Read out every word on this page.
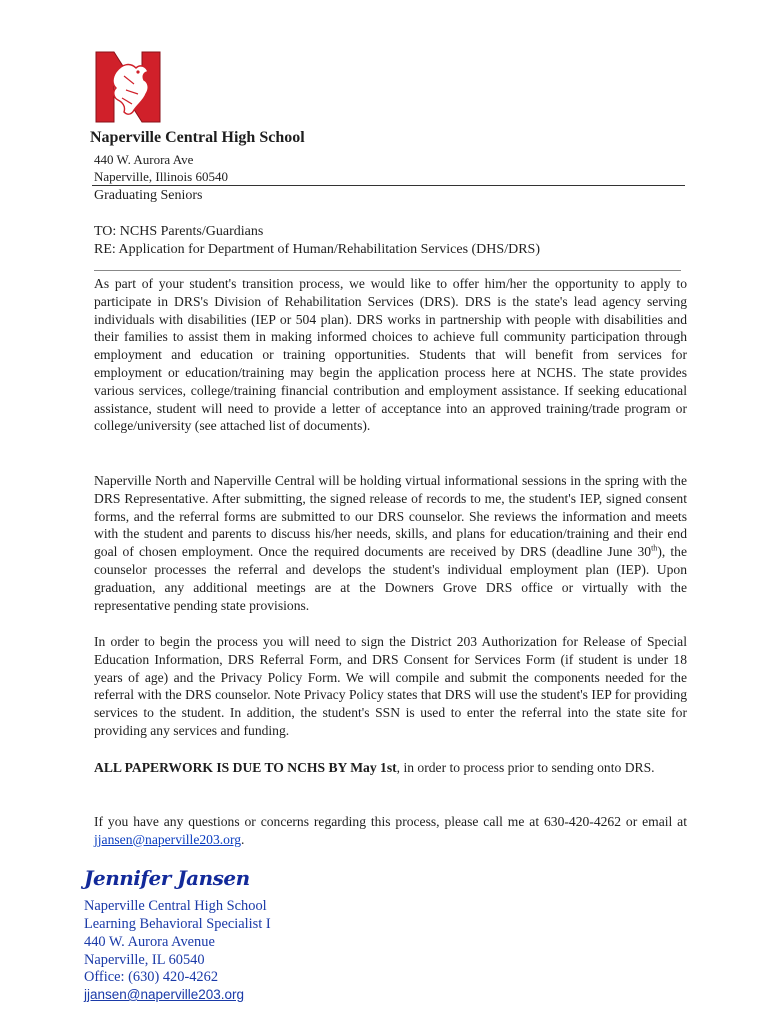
Naperville Central High School
440 W. Aurora Ave
Naperville, Illinois 60540
Graduating Seniors
TO: NCHS Parents/Guardians
RE: Application for Department of Human/Rehabilitation Services (DHS/DRS)

As part of your student's transition process, we would like to offer him/her the opportunity to apply to participate in DRS's Division of Rehabilitation Services (DRS). DRS is the state's lead agency serving individuals with disabilities (IEP or 504 plan). DRS works in partnership with people with disabilities and their families to assist them in making informed choices to achieve full community participation through employment and education or training opportunities. Students that will benefit from services for employment or education/training may begin the application process here at NCHS. The state provides various services, college/training financial contribution and employment assistance. If seeking educational assistance, student will need to provide a letter of acceptance into an approved training/trade program or college/university (see attached list of documents).

Naperville North and Naperville Central will be holding virtual informational sessions in the spring with the DRS Representative. After submitting, the signed release of records to me, the student's IEP, signed consent forms, and the referral forms are submitted to our DRS counselor. She reviews the information and meets with the student and parents to discuss his/her needs, skills, and plans for education/training and their end goal of chosen employment. Once the required documents are received by DRS (deadline June 30th), the counselor processes the referral and develops the student's individual employment plan (IEP). Upon graduation, any additional meetings are at the Downers Grove DRS office or virtually with the representative pending state provisions.

In order to begin the process you will need to sign the District 203 Authorization for Release of Special Education Information, DRS Referral Form, and DRS Consent for Services Form (if student is under 18 years of age) and the Privacy Policy Form. We will compile and submit the components needed for the referral with the DRS counselor. Note Privacy Policy states that DRS will use the student's IEP for providing services to the student. In addition, the student's SSN is used to enter the referral into the state site for providing any services and funding.

ALL PAPERWORK IS DUE TO NCHS BY May 1st, in order to process prior to sending onto DRS.

If you have any questions or concerns regarding this process, please call me at 630-420-4262 or email at jjansen@naperville203.org.

Jennifer Jansen
Naperville Central High School
Learning Behavioral Specialist I
440 W. Aurora Avenue
Naperville, IL 60540
Office: (630) 420-4262
jjansen@naperville203.org
